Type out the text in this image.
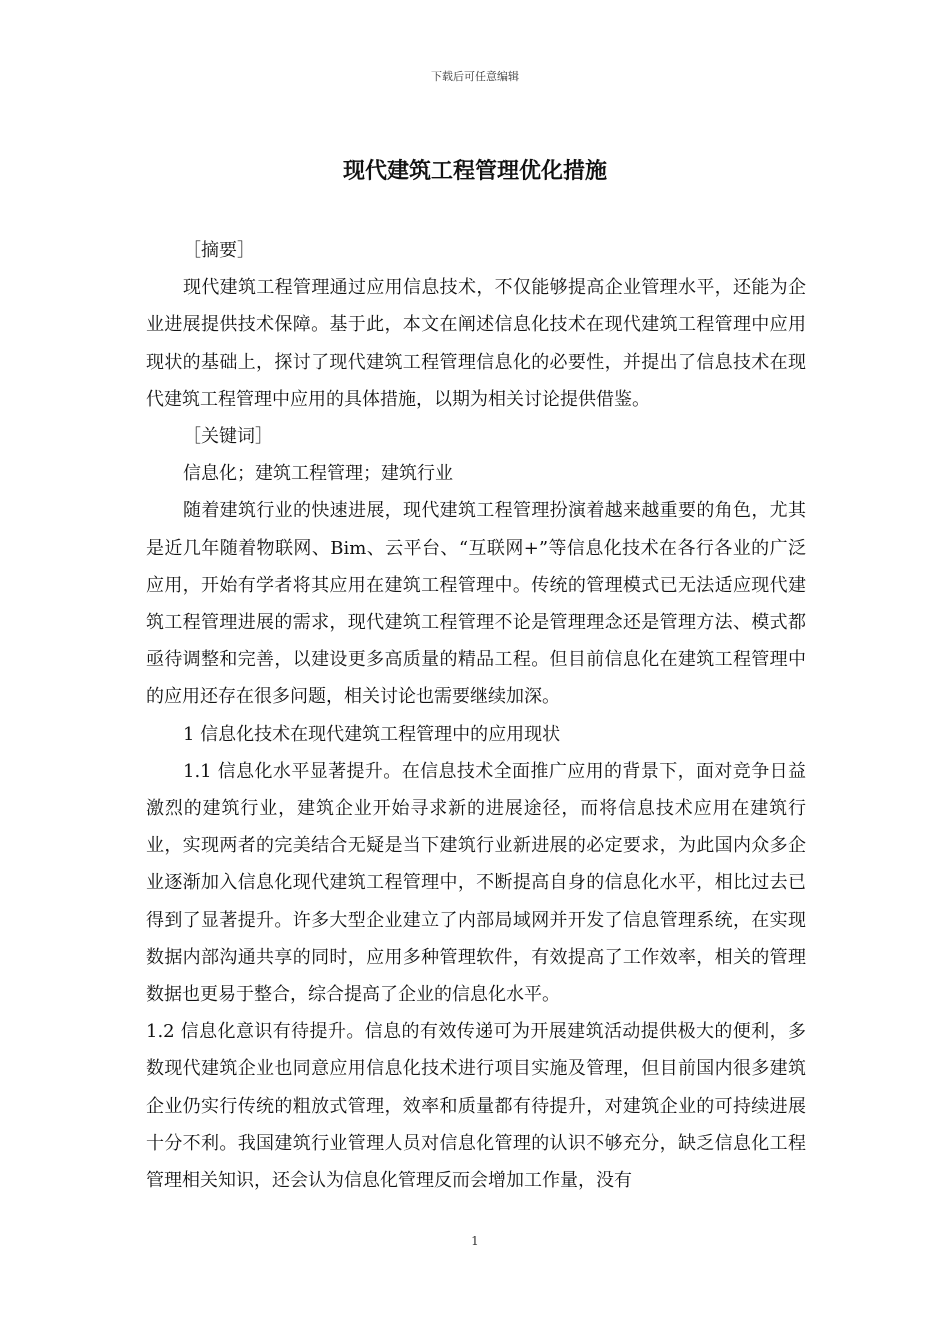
下载后可任意编辑
现代建筑工程管理优化措施

［摘要］

现代建筑工程管理通过应用信息技术，不仅能够提高企业管理水平，还能为企业进展提供技术保障。基于此，本文在阐述信息化技术在现代建筑工程管理中应用现状的基础上，探讨了现代建筑工程管理信息化的必要性，并提出了信息技术在现代建筑工程管理中应用的具体措施，以期为相关讨论提供借鉴。

［关键词］

信息化；建筑工程管理；建筑行业

随着建筑行业的快速进展，现代建筑工程管理扮演着越来越重要的角色，尤其是近几年随着物联网、Bim、云平台、“互联网+”等信息化技术在各行各业的广泛应用，开始有学者将其应用在建筑工程管理中。传统的管理模式已无法适应现代建筑工程管理进展的需求，现代建筑工程管理不论是管理理念还是管理方法、模式都亟待调整和完善，以建设更多高质量的精品工程。但目前信息化在建筑工程管理中的应用还存在很多问题，相关讨论也需要继续加深。

1 信息化技术在现代建筑工程管理中的应用现状

1.1 信息化水平显著提升。在信息技术全面推广应用的背景下，面对竞争日益激烈的建筑行业，建筑企业开始寻求新的进展途径，而将信息技术应用在建筑行业，实现两者的完美结合无疑是当下建筑行业新进展的必定要求，为此国内众多企业逐渐加入信息化现代建筑工程管理中，不断提高自身的信息化水平，相比过去已得到了显著提升。许多大型企业建立了内部局域网并开发了信息管理系统，在实现数据内部沟通共享的同时，应用多种管理软件，有效提高了工作效率，相关的管理数据也更易于整合，综合提高了企业的信息化水平。

1.2 信息化意识有待提升。信息的有效传递可为开展建筑活动提供极大的便利，多数现代建筑企业也同意应用信息化技术进行项目实施及管理，但目前国内很多建筑企业仍实行传统的粗放式管理，效率和质量都有待提升，对建筑企业的可持续进展十分不利。我国建筑行业管理人员对信息化管理的认识不够充分，缺乏信息化工程管理相关知识，还会认为信息化管理反而会增加工作量，没有

1
